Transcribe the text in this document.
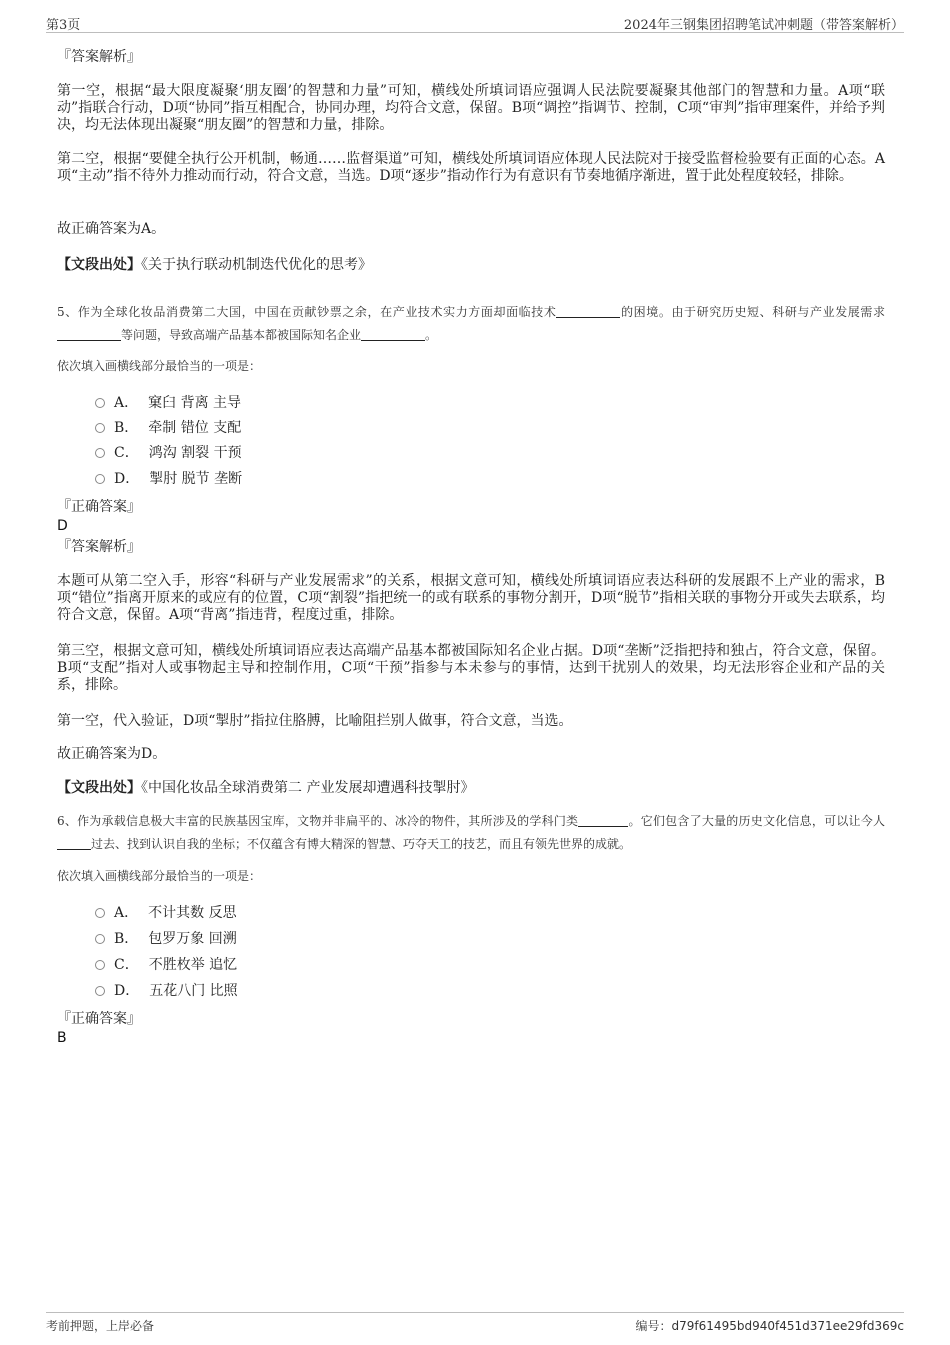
第3页	2024年三钢集团招聘笔试冲刺题（带答案解析）
『答案解析』

第一空，根据“最大限度凝聚‘朋友圈’的智慧和力量”可知，横线处所填词语应强调人民法院要凝聚其他部门的智慧和力量。A项“联动”指联合行动，D项“协同”指互相配合，协同办理，均符合文意，保留。B项“调控”指调节、控制，C项“审判”指审理案件，并给予判决，均无法体现出凝聚“朋友圈”的智慧和力量，排除。

第二空，根据“要健全执行公开机制，畅通……监督渠道”可知，横线处所填词语应体现人民法院对于接受监督检验要有正面的心态。A项“主动”指不待外力推动而行动，符合文意，当选。D项“逐步”指动作行为有意识有节奏地循序渐进，置于此处程度较轻，排除。

故正确答案为A。
【文段出处】《关于执行联动机制迭代优化的思考》

5、作为全球化妆品消费第二大国，中国在贡献钞票之余，在产业技术实力方面却面临技术	的困境。由于研究历史短、科研与产业发展需求等问题，导致高端产品基本都被国际知名企业	。

依次填入画横线部分最恰当的一项是：
A． 窠臼 背离 主导
B． 牵制 错位 支配
C． 鸿沟 割裂 干预
D． 掣肘 脱节 垄断
『正确答案』
D
『答案解析』

本题可从第二空入手，形容“科研与产业发展需求”的关系，根据文意可知，横线处所填词语应表达科研的发展跟不上产业的需求，B项“错位”指离开原来的或应有的位置，C项“割裂”指把统一的或有联系的事物分割开，D项“脱节”指相关联的事物分开或失去联系，均符合文意，保留。A项“背离”指违背，程度过重，排除。

第三空，根据文意可知，横线处所填词语应表达高端产品基本都被国际知名企业占据。D项“垄断”泛指把持和独占，符合文意，保留。B项“支配”指对人或事物起主导和控制作用，C项“干预”指参与本未参与的事情，达到干扰别人的效果，均无法形容企业和产品的关系，排除。

第一空，代入验证，D项“掣肘”指拉住胳膊，比喻阻拦别人做事，符合文意，当选。

故正确答案为D。
【文段出处】《中国化妆品全球消费第二 产业发展却遭遇科技掣肘》

6、作为承载信息极大丰富的民族基因宝库，文物并非扁平的、冰冷的物件，其所涉及的学科门类	。它们包含了大量的历史文化信息，可以让今人过去、找到认识自我的坐标；不仅蕴含有博大精深的智慧、巧夺天工的技艺，而且有领先世界的成就。

依次填入画横线部分最恰当的一项是：
A． 不计其数 反思
B． 包罗万象 回溯
C． 不胜枚举 追忆
D． 五花八门 比照
『正确答案』
B
考前押题，上岸必备	编号：d79f61495bd940f451d371ee29fd369c
